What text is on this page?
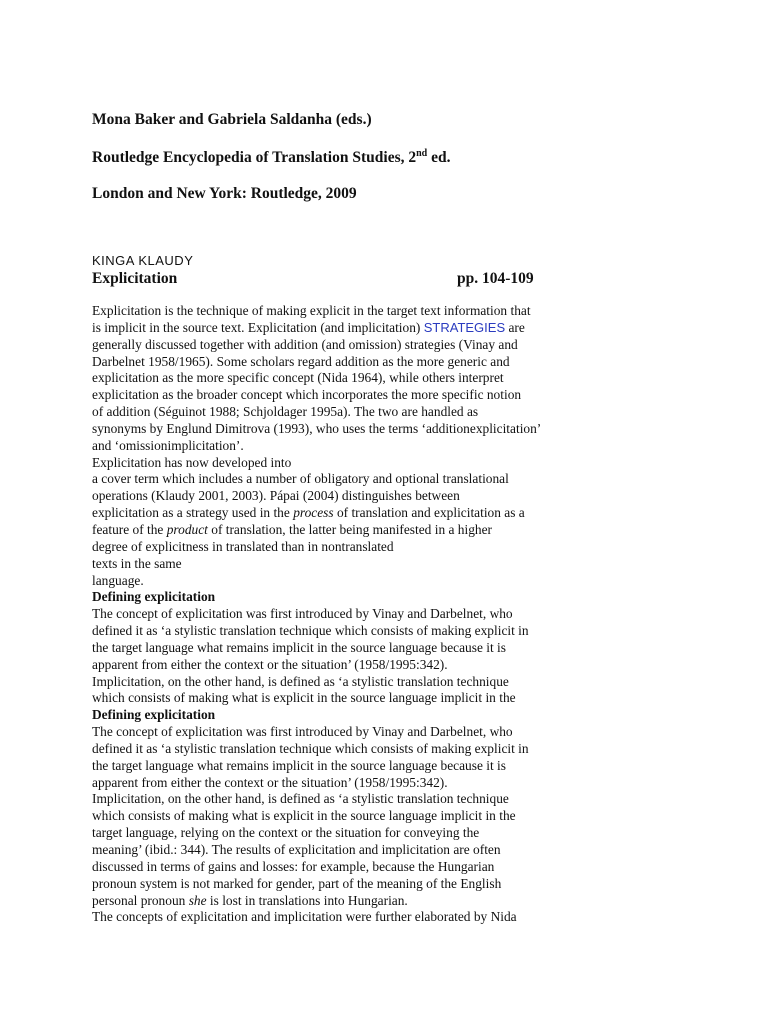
Mona Baker and Gabriela Saldanha (eds.)

Routledge Encyclopedia of Translation Studies, 2nd ed.

London and New York: Routledge, 2009

KINGA KLAUDY
Explicitation	pp. 104-109
Explicitation is the technique of making explicit in the target text information that
is implicit in the source text. Explicitation (and implicitation) STRATEGIES are
generally discussed together with addition (and omission) strategies (Vinay and
Darbelnet 1958/1965). Some scholars regard addition as the more generic and
explicitation as the more specific concept (Nida 1964), while others interpret
explicitation as the broader concept which incorporates the more specific notion
of addition (Séguinot 1988; Schjoldager 1995a). The two are handled as
synonyms by Englund Dimitrova (1993), who uses the terms ‘additionexplicitation’
and ‘omissionimplicitation’.
Explicitation has now developed into
a cover term which includes a number of obligatory and optional translational
operations (Klaudy 2001, 2003). Pápai (2004) distinguishes between
explicitation as a strategy used in the process of translation and explicitation as a
feature of the product of translation, the latter being manifested in a higher
degree of explicitness in translated than in nontranslated
texts in the same
language.
Defining explicitation
The concept of explicitation was first introduced by Vinay and Darbelnet, who
defined it as ‘a stylistic translation technique which consists of making explicit in
the target language what remains implicit in the source language because it is
apparent from either the context or the situation’ (1958/1995:342).
Implicitation, on the other hand, is defined as ‘a stylistic translation technique
which consists of making what is explicit in the source language implicit in the
Defining explicitation
The concept of explicitation was first introduced by Vinay and Darbelnet, who
defined it as ‘a stylistic translation technique which consists of making explicit in
the target language what remains implicit in the source language because it is
apparent from either the context or the situation’ (1958/1995:342).
Implicitation, on the other hand, is defined as ‘a stylistic translation technique
which consists of making what is explicit in the source language implicit in the
target language, relying on the context or the situation for conveying the
meaning’ (ibid.: 344). The results of explicitation and implicitation are often
discussed in terms of gains and losses: for example, because the Hungarian
pronoun system is not marked for gender, part of the meaning of the English
personal pronoun she is lost in translations into Hungarian.
The concepts of explicitation and implicitation were further elaborated by Nida
